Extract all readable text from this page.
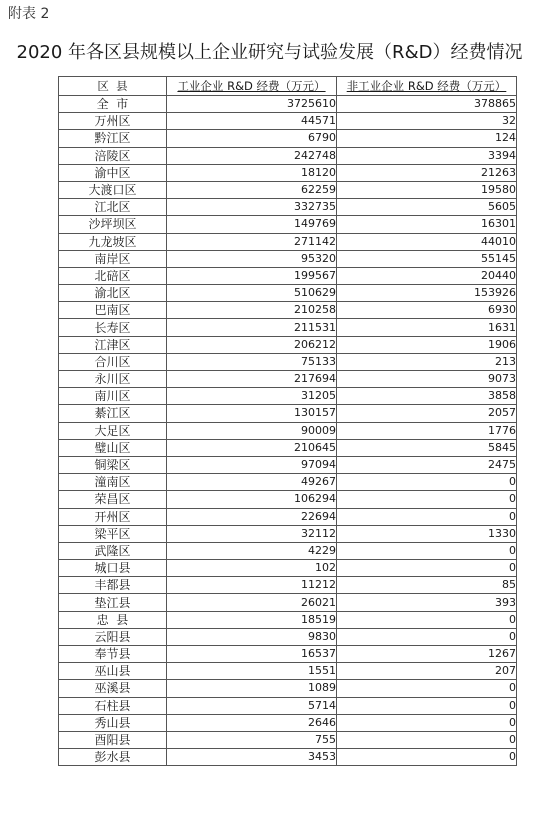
附表 2
2020 年各区县规模以上企业研究与试验发展（R&D）经费情况
区  县	工业企业 R&D 经费（万元）	非工业企业 R&D 经费（万元）
全  市	3725610	378865
万州区	44571	32
黔江区	6790	124
涪陵区	242748	3394
渝中区	18120	21263
大渡口区	62259	19580
江北区	332735	5605
沙坪坝区	149769	16301
九龙坡区	271142	44010
南岸区	95320	55145
北碚区	199567	20440
渝北区	510629	153926
巴南区	210258	6930
长寿区	211531	1631
江津区	206212	1906
合川区	75133	213
永川区	217694	9073
南川区	31205	3858
綦江区	130157	2057
大足区	90009	1776
璧山区	210645	5845
铜梁区	97094	2475
潼南区	49267	0
荣昌区	106294	0
开州区	22694	0
梁平区	32112	1330
武隆区	4229	0
城口县	102	0
丰都县	11212	85
垫江县	26021	393
忠  县	18519	0
云阳县	9830	0
奉节县	16537	1267
巫山县	1551	207
巫溪县	1089	0
石柱县	5714	0
秀山县	2646	0
酉阳县	755	0
彭水县	3453	0
